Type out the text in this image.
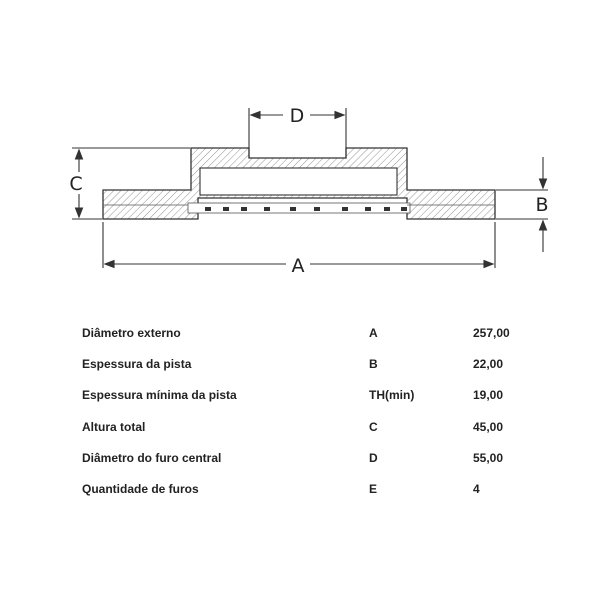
D
C
B
A
Diâmetro externo	A	257,00
Espessura da pista	B	22,00
Espessura mínima da pista	TH(min)	19,00
Altura total	C	45,00
Diâmetro do furo central	D	55,00
Quantidade de furos	E	4
